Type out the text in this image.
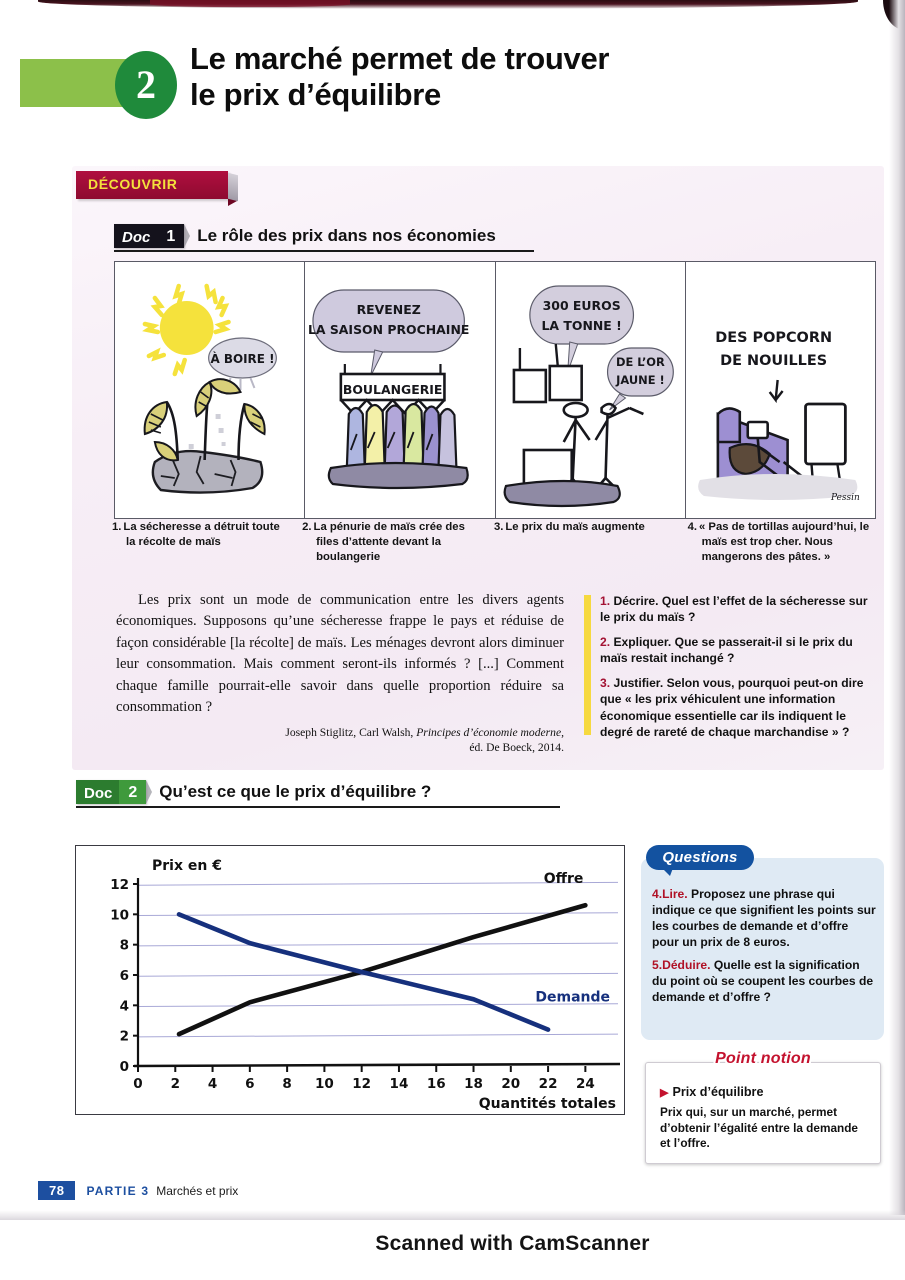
2
Le marché permet de trouver
le prix d’équilibre
DÉCOUVRIR
Doc	1	Le rôle des prix dans nos économies
À BOIRE !
REVENEZ
LA SAISON PROCHAINE
BOULANGERIE
300 EUROS
LA TONNE !
DE L’OR
JAUNE !
DES POPCORN
DE NOUILLES
Pessin
1. La sécheresse a détruit toute la récolte de maïs
2. La pénurie de maïs crée des files d’attente devant la boulangerie
3. Le prix du maïs augmente	4. « Pas de tortillas aujourd’hui, le maïs est trop cher. Nous mangerons des pâtes. »

Les prix sont un mode de communication entre les divers agents économiques. Supposons qu’une sécheresse frappe le pays et réduise de façon considérable [la récolte] de maïs. Les ménages devront alors diminuer leur consommation. Mais comment seront-ils informés ? [...] Comment chaque famille pourrait-elle savoir dans quelle proportion réduire sa consommation ?

Joseph Stiglitz, Carl Walsh, Principes d’économie moderne,
éd. De Boeck, 2014.
1. Décrire. Quel est l’effet de la sécheresse sur le prix du maïs ?
2. Expliquer. Que se passerait-il si le prix du maïs restait inchangé ?
3. Justifier. Selon vous, pourquoi peut-on dire que « les prix véhiculent une information économique essentielle car ils indiquent le degré de rareté de chaque marchandise » ?
Doc	2	Qu’est ce que le prix d’équilibre ?
0
2
4
6
8
10
12
0 2 4 6 8 10 12 14 16 18 20 22 24
Prix en €
Quantités totales
Offre
Demande
4.Lire. Proposez une phrase qui indique ce que signifient les points sur les courbes de demande et d’offre pour un prix de 8 euros.
5.Déduire. Quelle est la signification du point où se coupent les courbes de demande et d’offre ?
Questions
Point notion
▶ Prix d’équilibre
Prix qui, sur un marché, permet d’obtenir l’égalité entre la demande et l’offre.
78	PARTIE 3 Marchés et prix
Scanned with CamScanner
